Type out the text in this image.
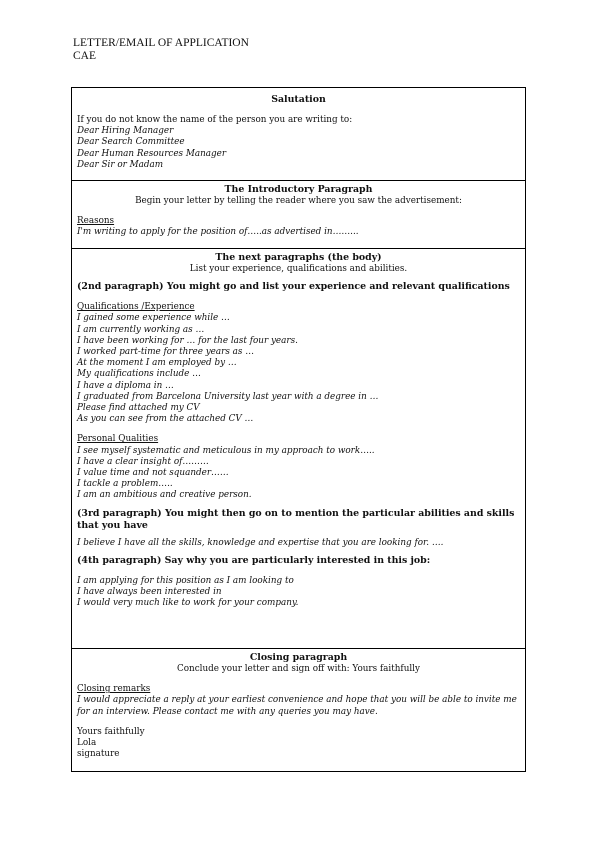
LETTER/EMAIL OF APPLICATION
CAE
Salutation
If you do not know the name of the person you are writing to:
Dear Hiring Manager
Dear Search Committee
Dear Human Resources Manager
Dear Sir or Madam
The Introductory Paragraph
Begin your letter by telling the reader where you saw the advertisement:
Reasons
I'm writing to apply for the position of…..as advertised in……...
The next paragraphs (the body)
List your experience, qualifications and abilities.
(2nd paragraph) You might go and list your experience and relevant qualifications
Qualifications /Experience
I gained some experience while …
I am currently working as …
I have been working for … for the last four years.
I worked part-time for three years as …
At the moment I am employed by …
My qualifications include …
I have a diploma in …
I graduated from Barcelona University last year with a degree in …
Please find attached my CV
As you can see from the attached CV …
Personal Qualities
I see myself systematic and meticulous in my approach to work…..
I have a clear insight of………
I value time and not squander……
I tackle a problem…..
I am an ambitious and creative person.
(3rd paragraph) You might then go on to mention the particular abilities and skills
that you have
I believe I have all the skills, knowledge and expertise that you are looking for. ….
(4th paragraph) Say why you are particularly interested in this job:
I am applying for this position as I am looking to
I have always been interested in
I would very much like to work for your company.
Closing paragraph
Conclude your letter and sign off with: Yours faithfully
Closing remarks
I would appreciate a reply at your earliest convenience and hope that you will be able to invite me
for an interview. Please contact me with any queries you may have.
Yours faithfully
Lola
signature
